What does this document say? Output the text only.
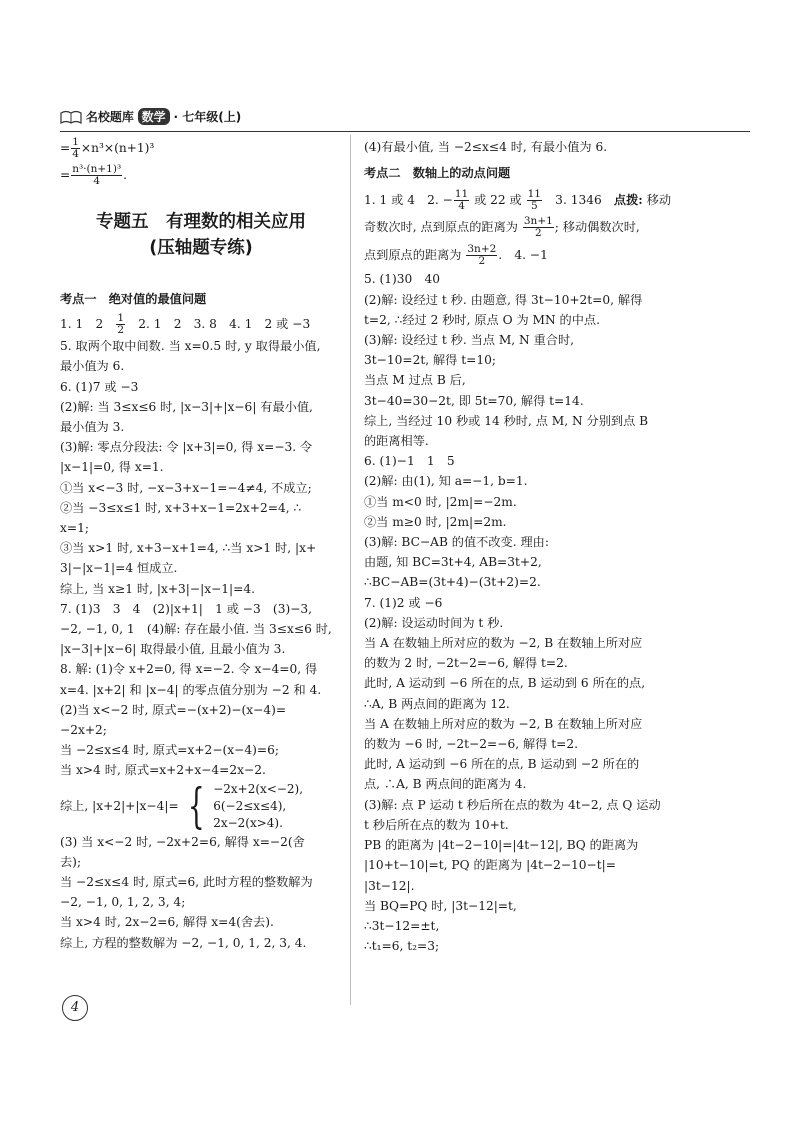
名校题库 数学 · 七年级(上)
= $\frac{1}{4} \times n^3\times(n+1)^3$
= $\frac{\text{n³·(n+1)³}}{4}$ .
专题五　有理数的相关应用
(压轴题专练)
考点一　绝对值的最值问题
1. 1　2　 $\frac{1}{2}$ 　2. 1　2　3. 8　4. 1　2 或 −3
5. 取两个取中间数. 当 x=0.5 时, y 取得最小值,
最小值为 6.
6. (1)7 或 −3
(2)解: 当 3≤x≤6 时, |x−3|+|x−6| 有最小值,
最小值为 3.
(3)解: 零点分段法: 令 |x+3|=0, 得 x=−3. 令
|x−1|=0, 得 x=1.
①当 x<−3 时, −x−3+x−1=−4≠4, 不成立;
②当 −3≤x≤1 时, x+3+x−1=2x+2=4, ∴
x=1;
③当 x>1 时, x+3−x+1=4, ∴当 x>1 时, |x+
3|−|x−1|=4 恒成立.
综上, 当 x≥1 时, |x+3|−|x−1|=4.
7. (1)3　3　4　(2)|x+1|　1 或 −3　(3)−3,
−2, −1, 0, 1　(4)解: 存在最小值. 当 3≤x≤6 时,
|x−3|+|x−6| 取得最小值, 且最小值为 3.
8. 解: (1)令 x+2=0, 得 x=−2. 令 x−4=0, 得
x=4. |x+2| 和 |x−4| 的零点值分别为 −2 和 4.
(2)当 x<−2 时, 原式=−(x+2)−(x−4)=
−2x+2;
当 −2≤x≤4 时, 原式=x+2−(x−4)=6;
当 x>4 时, 原式=x+2+x−4=2x−2.
综上, |x+2|+|x−4|= { −2x+2(x<−2),
6(−2≤x≤4),
2x−2(x>4).
(3) 当 x<−2 时, −2x+2=6, 解得 x=−2(舍
去);
当 −2≤x≤4 时, 原式=6, 此时方程的整数解为
−2, −1, 0, 1, 2, 3, 4;
当 x>4 时, 2x−2=6, 解得 x=4(舍去).
综上, 方程的整数解为 −2, −1, 0, 1, 2, 3, 4.
(4)有最小值, 当 −2≤x≤4 时, 有最小值为 6.
考点二　数轴上的动点问题
1. 1 或 4　2. − $\frac{11}{4}$ 或 22 或 $\frac{11}{5}$ 　3. 1346　点拨: 移动
奇数次时, 点到原点的距离为 $\frac{3n+1}{2}$ ; 移动偶数次时,
点到原点的距离为 $\frac{3n+2}{2}$ .　4. −1
5. (1)30　40
(2)解: 设经过 t 秒. 由题意, 得 3t−10+2t=0, 解得
t=2, ∴经过 2 秒时, 原点 O 为 MN 的中点.
(3)解: 设经过 t 秒. 当点 M, N 重合时,
3t−10=2t, 解得 t=10;
当点 M 过点 B 后,
3t−40=30−2t, 即 5t=70, 解得 t=14.
综上, 当经过 10 秒或 14 秒时, 点 M, N 分别到点 B
的距离相等.
6. (1)−1　1　5
(2)解: 由(1), 知 a=−1, b=1.
①当 m<0 时, |2m|=−2m.
②当 m≥0 时, |2m|=2m.
(3)解: BC−AB 的值不改变. 理由:
由题, 知 BC=3t+4, AB=3t+2,
∴BC−AB=(3t+4)−(3t+2)=2.
7. (1)2 或 −6
(2)解: 设运动时间为 t 秒.
当 A 在数轴上所对应的数为 −2, B 在数轴上所对应
的数为 2 时, −2t−2=−6, 解得 t=2.
此时, A 运动到 −6 所在的点, B 运动到 6 所在的点,
∴A, B 两点间的距离为 12.
当 A 在数轴上所对应的数为 −2, B 在数轴上所对应
的数为 −6 时, −2t−2=−6, 解得 t=2.
此时, A 运动到 −6 所在的点, B 运动到 −2 所在的
点, ∴A, B 两点间的距离为 4.
(3)解: 点 P 运动 t 秒后所在点的数为 4t−2, 点 Q 运动
t 秒后所在点的数为 10+t.
PB 的距离为 |4t−2−10|=|4t−12|, BQ 的距离为
|10+t−10|=t, PQ 的距离为 |4t−2−10−t|=
|3t−12|.
当 BQ=PQ 时, |3t−12|=t,
∴3t−12=±t,
∴t₁=6, t₂=3;
4
